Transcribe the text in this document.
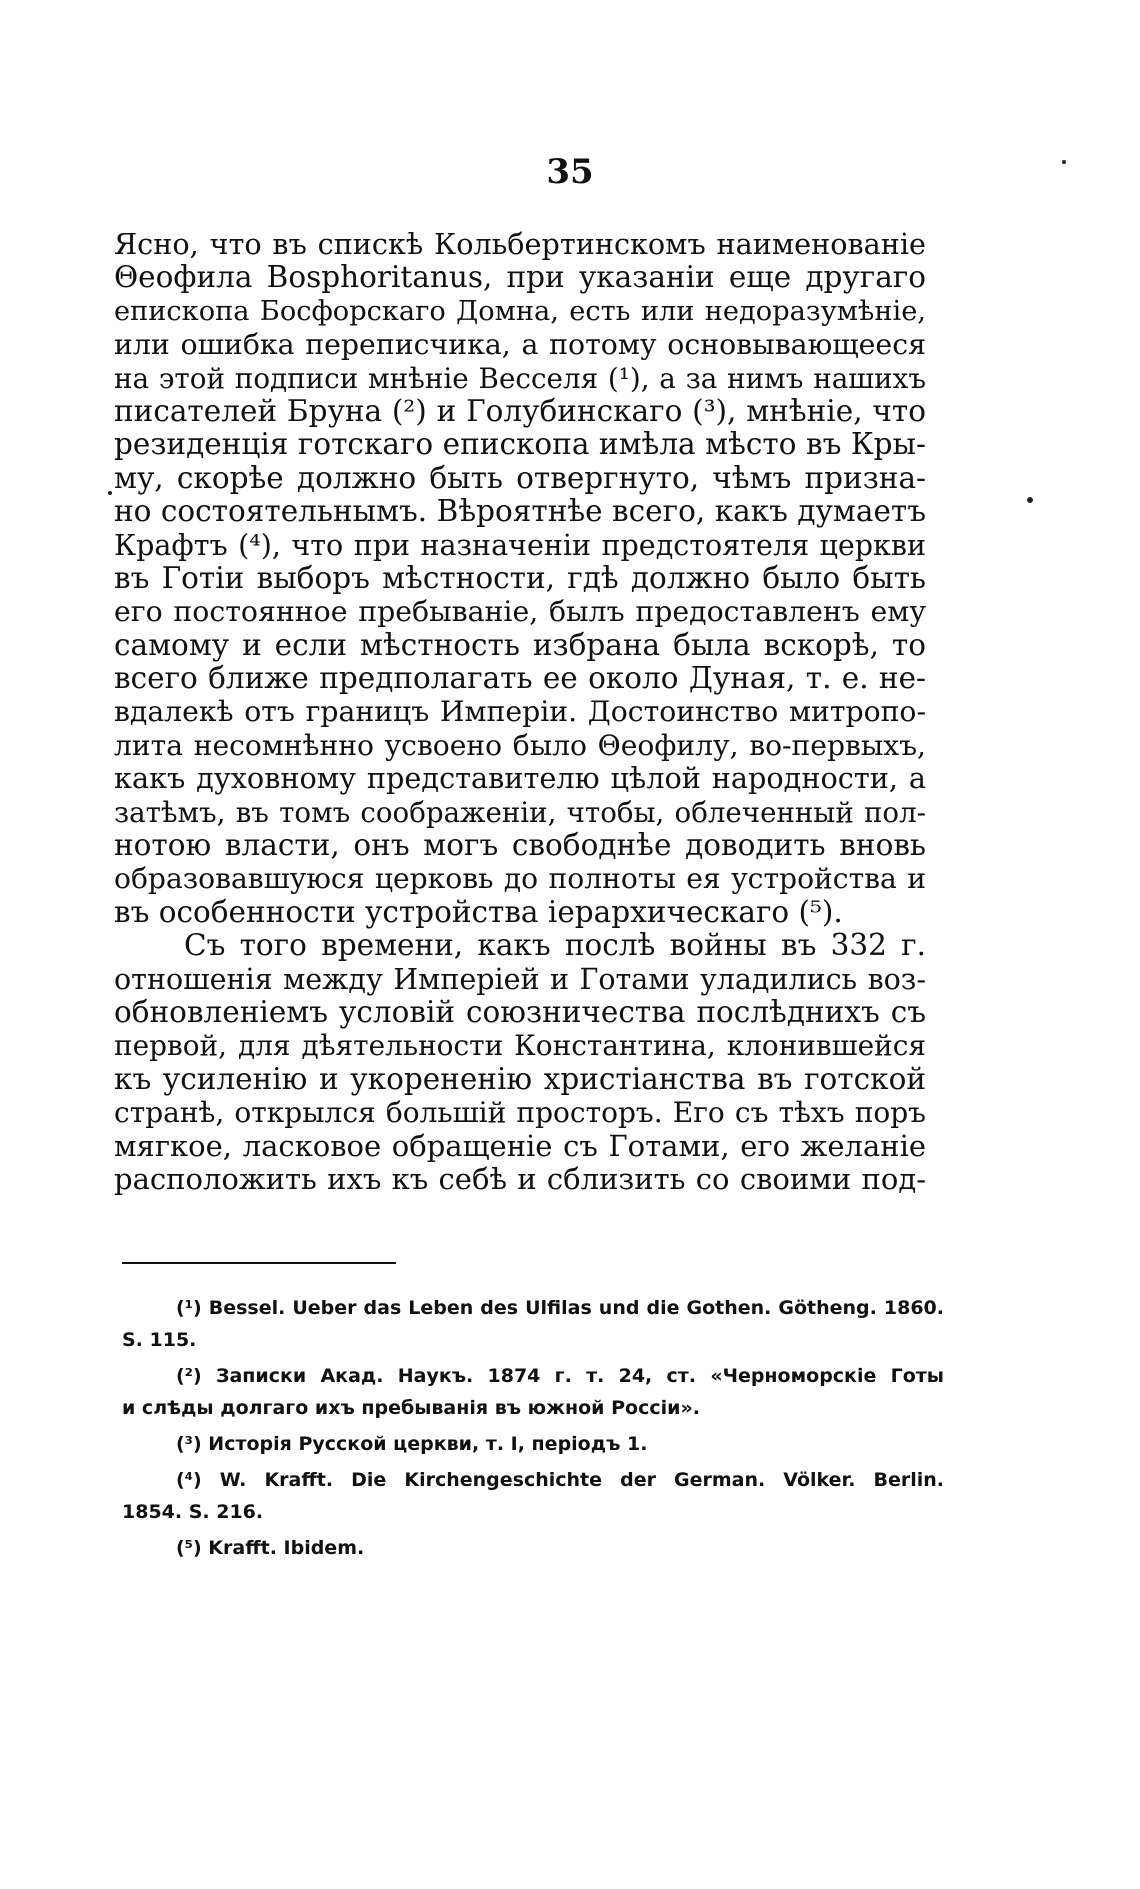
35
Ясно, что въ спискѣ Кольбертинскомъ наименованіе
Θеофила Bosphoritanus, при указаніи еще другаго
епископа Босфорскаго Домна, есть или недоразумѣніе,
или ошибка переписчика, а потому основывающееся
на этой подписи мнѣніе Весселя (¹), а за нимъ нашихъ
писателей Бруна (²) и Голубинскаго (³), мнѣніе, что
резиденція готскаго епископа имѣла мѣсто въ Кры-
му, скорѣе должно быть отвергнуто, чѣмъ призна-
но состоятельнымъ. Вѣроятнѣе всего, какъ думаетъ
Крафтъ (⁴), что при назначеніи предстоятеля церкви
въ Готіи выборъ мѣстности, гдѣ должно было быть
его постоянное пребываніе, былъ предоставленъ ему
самому и если мѣстность избрана была вскорѣ, то
всего ближе предполагать ее около Дуная, т. е. не-
вдалекѣ отъ границъ Имперіи. Достоинство митропо-
лита несомнѣнно усвоено было Θеофилу, во-первыхъ,
какъ духовному представителю цѣлой народности, а
затѣмъ, въ томъ соображеніи, чтобы, облеченный пол-
нотою власти, онъ могъ свободнѣе доводить вновь
образовавшуюся церковь до полноты ея устройства и
въ особенности устройства іерархическаго (⁵).
Съ того времени, какъ послѣ войны въ 332 г.
отношенія между Имперіей и Готами уладились воз-
обновленіемъ условій союзничества послѣднихъ съ
первой, для дѣятельности Константина, клонившейся
къ усиленію и укорененію христіанства въ готской
странѣ, открылся большій просторъ. Его съ тѣхъ поръ
мягкое, ласковое обращеніе съ Готами, его желаніе
расположить ихъ къ себѣ и сблизить со своими под-
(¹) Bessel. Ueber das Leben des Ulfilas und die Gothen. Götheng. 1860.
S. 115.
(²) Записки Акад. Наукъ. 1874 г. т. 24, ст. «Черноморскіе Готы
и слѣды долгаго ихъ пребыванія въ южной Россіи».
(³) Исторія Русской церкви, т. I, періодъ 1.
(⁴) W. Krafft. Die Kirchengeschichte der German. Völker. Berlin.
1854. S. 216.
(⁵) Krafft. Ibidem.
